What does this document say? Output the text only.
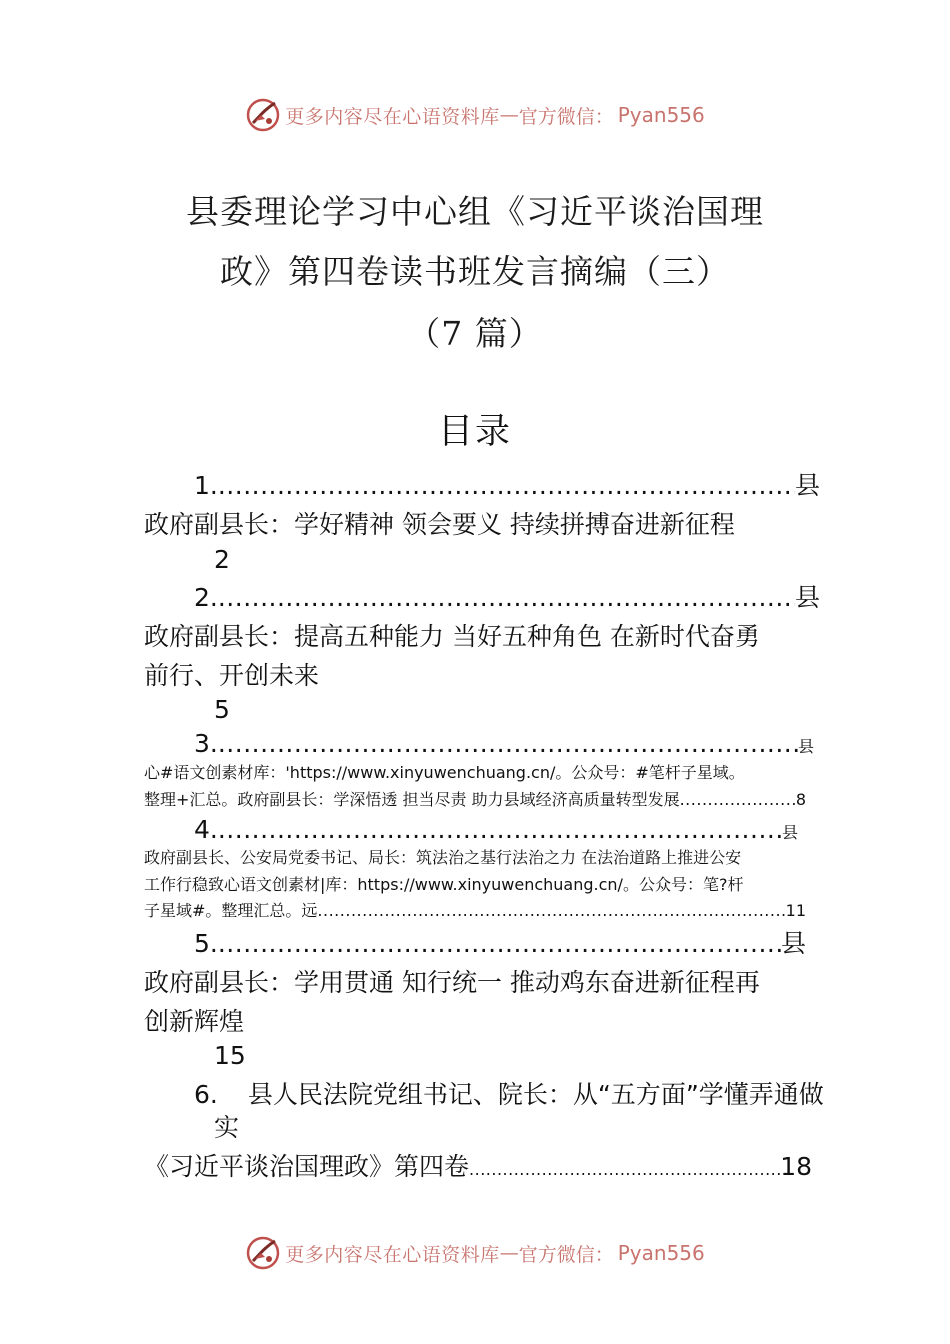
更多内容尽在心语资料库 — 官方微信： Pyan556
县委理论学习中心组《习近平谈治国理
政》第四卷读书班发言摘编（三）
（7 篇）
目录
1. .....	县
政府副县长：学好精神 领会要义 持续拼搏奋进新征程
2
2. .....	县
政府副县长：提高五种能力 当好五种角色 在新时代奋勇
前行、开创未来
5
3. .....	县
心#语文创素材库：'https://www.xinyuwenchuang.cn/。公众号：#笔杆子星域。
整理+汇总。政府副县长：学深悟透 担当尽责 助力县域经济高质量转型发展 .....	8
4. .....	县
政府副县长、公安局党委书记、局长：筑法治之基行法治之力 在法治道路上推进公安
工作行稳致心语文创素材|库：https://www.xinyuwenchuang.cn/。公众号：笔?杆
子星域#。整理汇总。远 .....	11
5. .....	县
政府副县长：学用贯通 知行统一 推动鸡东奋进新征程再
创新辉煌
15
6. 县人民法院党组书记、院长：从“五方面”学懂弄通做
实
《习近平谈治国理政》第四卷 .....	18
更多内容尽在心语资料库 — 官方微信： Pyan556
